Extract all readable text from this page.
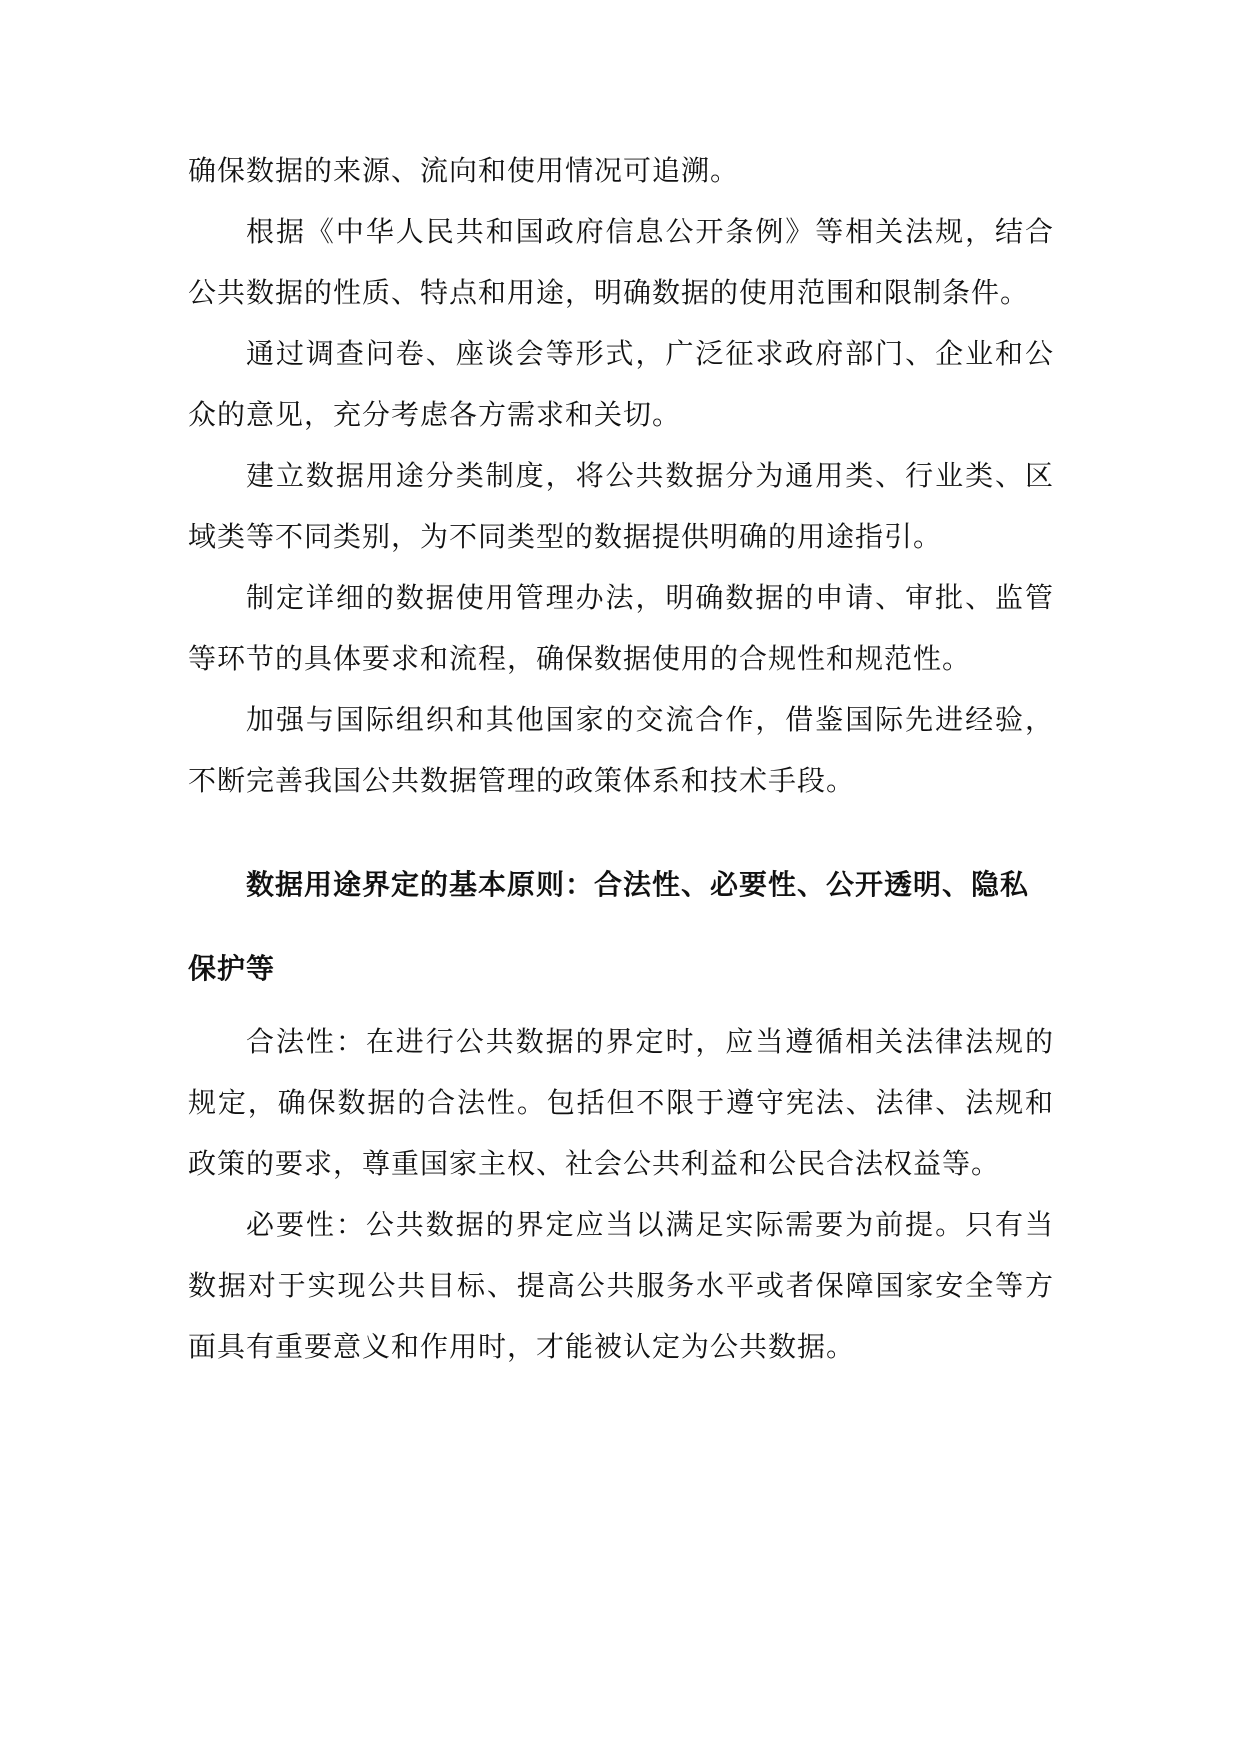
确保数据的来源、流向和使用情况可追溯。

根据《中华人民共和国政府信息公开条例》等相关法规，结合公共数据的性质、特点和用途，明确数据的使用范围和限制条件。

通过调查问卷、座谈会等形式，广泛征求政府部门、企业和公众的意见，充分考虑各方需求和关切。

建立数据用途分类制度，将公共数据分为通用类、行业类、区域类等不同类别，为不同类型的数据提供明确的用途指引。

制定详细的数据使用管理办法，明确数据的申请、审批、监管等环节的具体要求和流程，确保数据使用的合规性和规范性。

加强与国际组织和其他国家的交流合作，借鉴国际先进经验，不断完善我国公共数据管理的政策体系和技术手段。

数据用途界定的基本原则：合法性、必要性、公开透明、隐私保护等

合法性：在进行公共数据的界定时，应当遵循相关法律法规的规定，确保数据的合法性。包括但不限于遵守宪法、法律、法规和政策的要求，尊重国家主权、社会公共利益和公民合法权益等。

必要性：公共数据的界定应当以满足实际需要为前提。只有当数据对于实现公共目标、提高公共服务水平或者保障国家安全等方面具有重要意义和作用时，才能被认定为公共数据。
